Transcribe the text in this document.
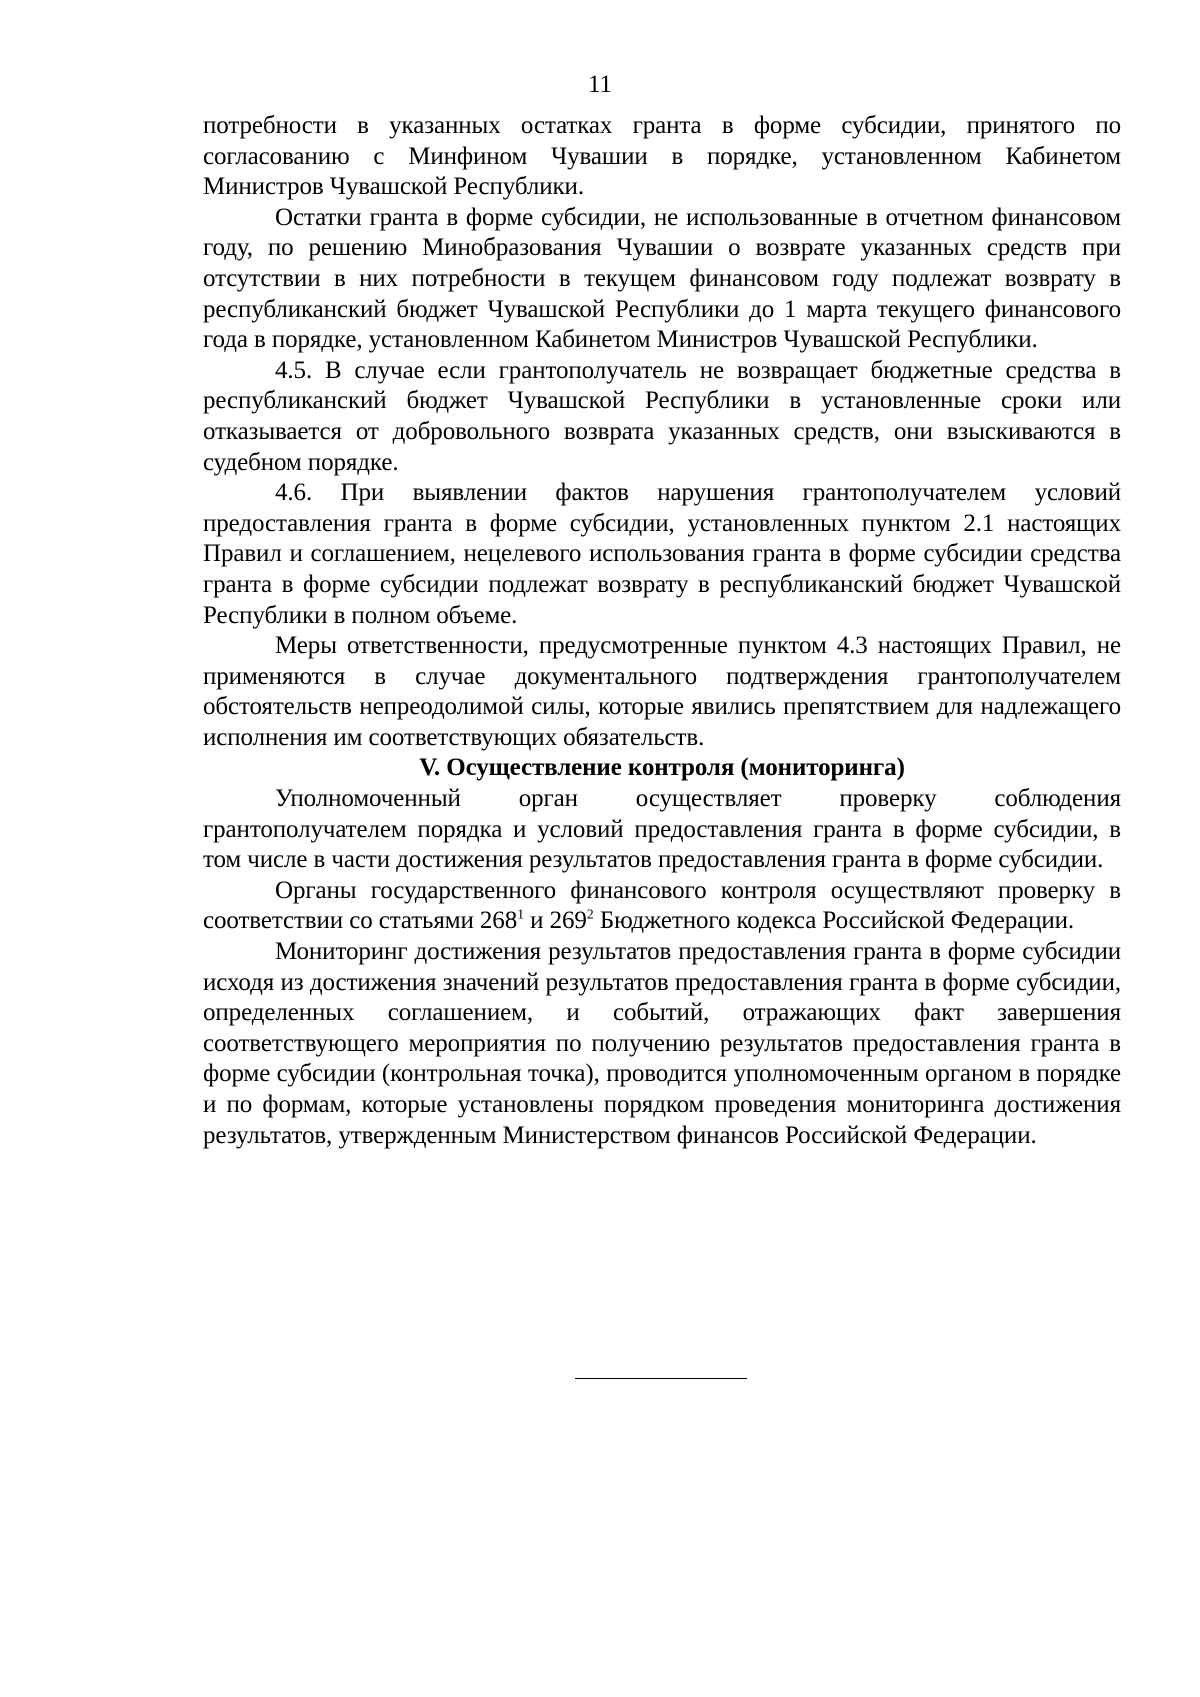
11

потребности в указанных остатках гранта в форме субсидии, принятого по согласованию с Минфином Чувашии в порядке, установленном Кабинетом Министров Чувашской Республики.

Остатки гранта в форме субсидии, не использованные в отчетном финансовом году, по решению Минобразования Чувашии о возврате указанных средств при отсутствии в них потребности в текущем финансовом году подлежат возврату в республиканский бюджет Чувашской Республики до 1 марта текущего финансового года в порядке, установленном Кабинетом Министров Чувашской Республики.

4.5. В случае если грантополучатель не возвращает бюджетные средства в республиканский бюджет Чувашской Республики в установленные сроки или отказывается от добровольного возврата указанных средств, они взыскиваются в судебном порядке.

4.6. При выявлении фактов нарушения грантополучателем условий предоставления гранта в форме субсидии, установленных пунктом 2.1 настоящих Правил и соглашением, нецелевого использования гранта в форме субсидии средства гранта в форме субсидии подлежат возврату в республиканский бюджет Чувашской Республики в полном объеме.

Меры ответственности, предусмотренные пунктом 4.3 настоящих Правил, не применяются в случае документального подтверждения грантополучателем обстоятельств непреодолимой силы, которые явились препятствием для надлежащего исполнения им соответствующих обязательств.

V. Осуществление контроля (мониторинга)

Уполномоченный орган осуществляет проверку соблюдения грантополучателем порядка и условий предоставления гранта в форме субсидии, в том числе в части достижения результатов предоставления гранта в форме субсидии.

Органы государственного финансового контроля осуществляют проверку в соответствии со статьями $268^1$ и $269^2$ Бюджетного кодекса Российской Федерации.

Мониторинг достижения результатов предоставления гранта в форме субсидии исходя из достижения значений результатов предоставления гранта в форме субсидии, определенных соглашением, и событий, отражающих факт завершения соответствующего мероприятия по получению результатов предоставления гранта в форме субсидии (контрольная точка), проводится уполномоченным органом в порядке и по формам, которые установлены порядком проведения мониторинга достижения результатов, утвержденным Министерством финансов Российской Федерации.
